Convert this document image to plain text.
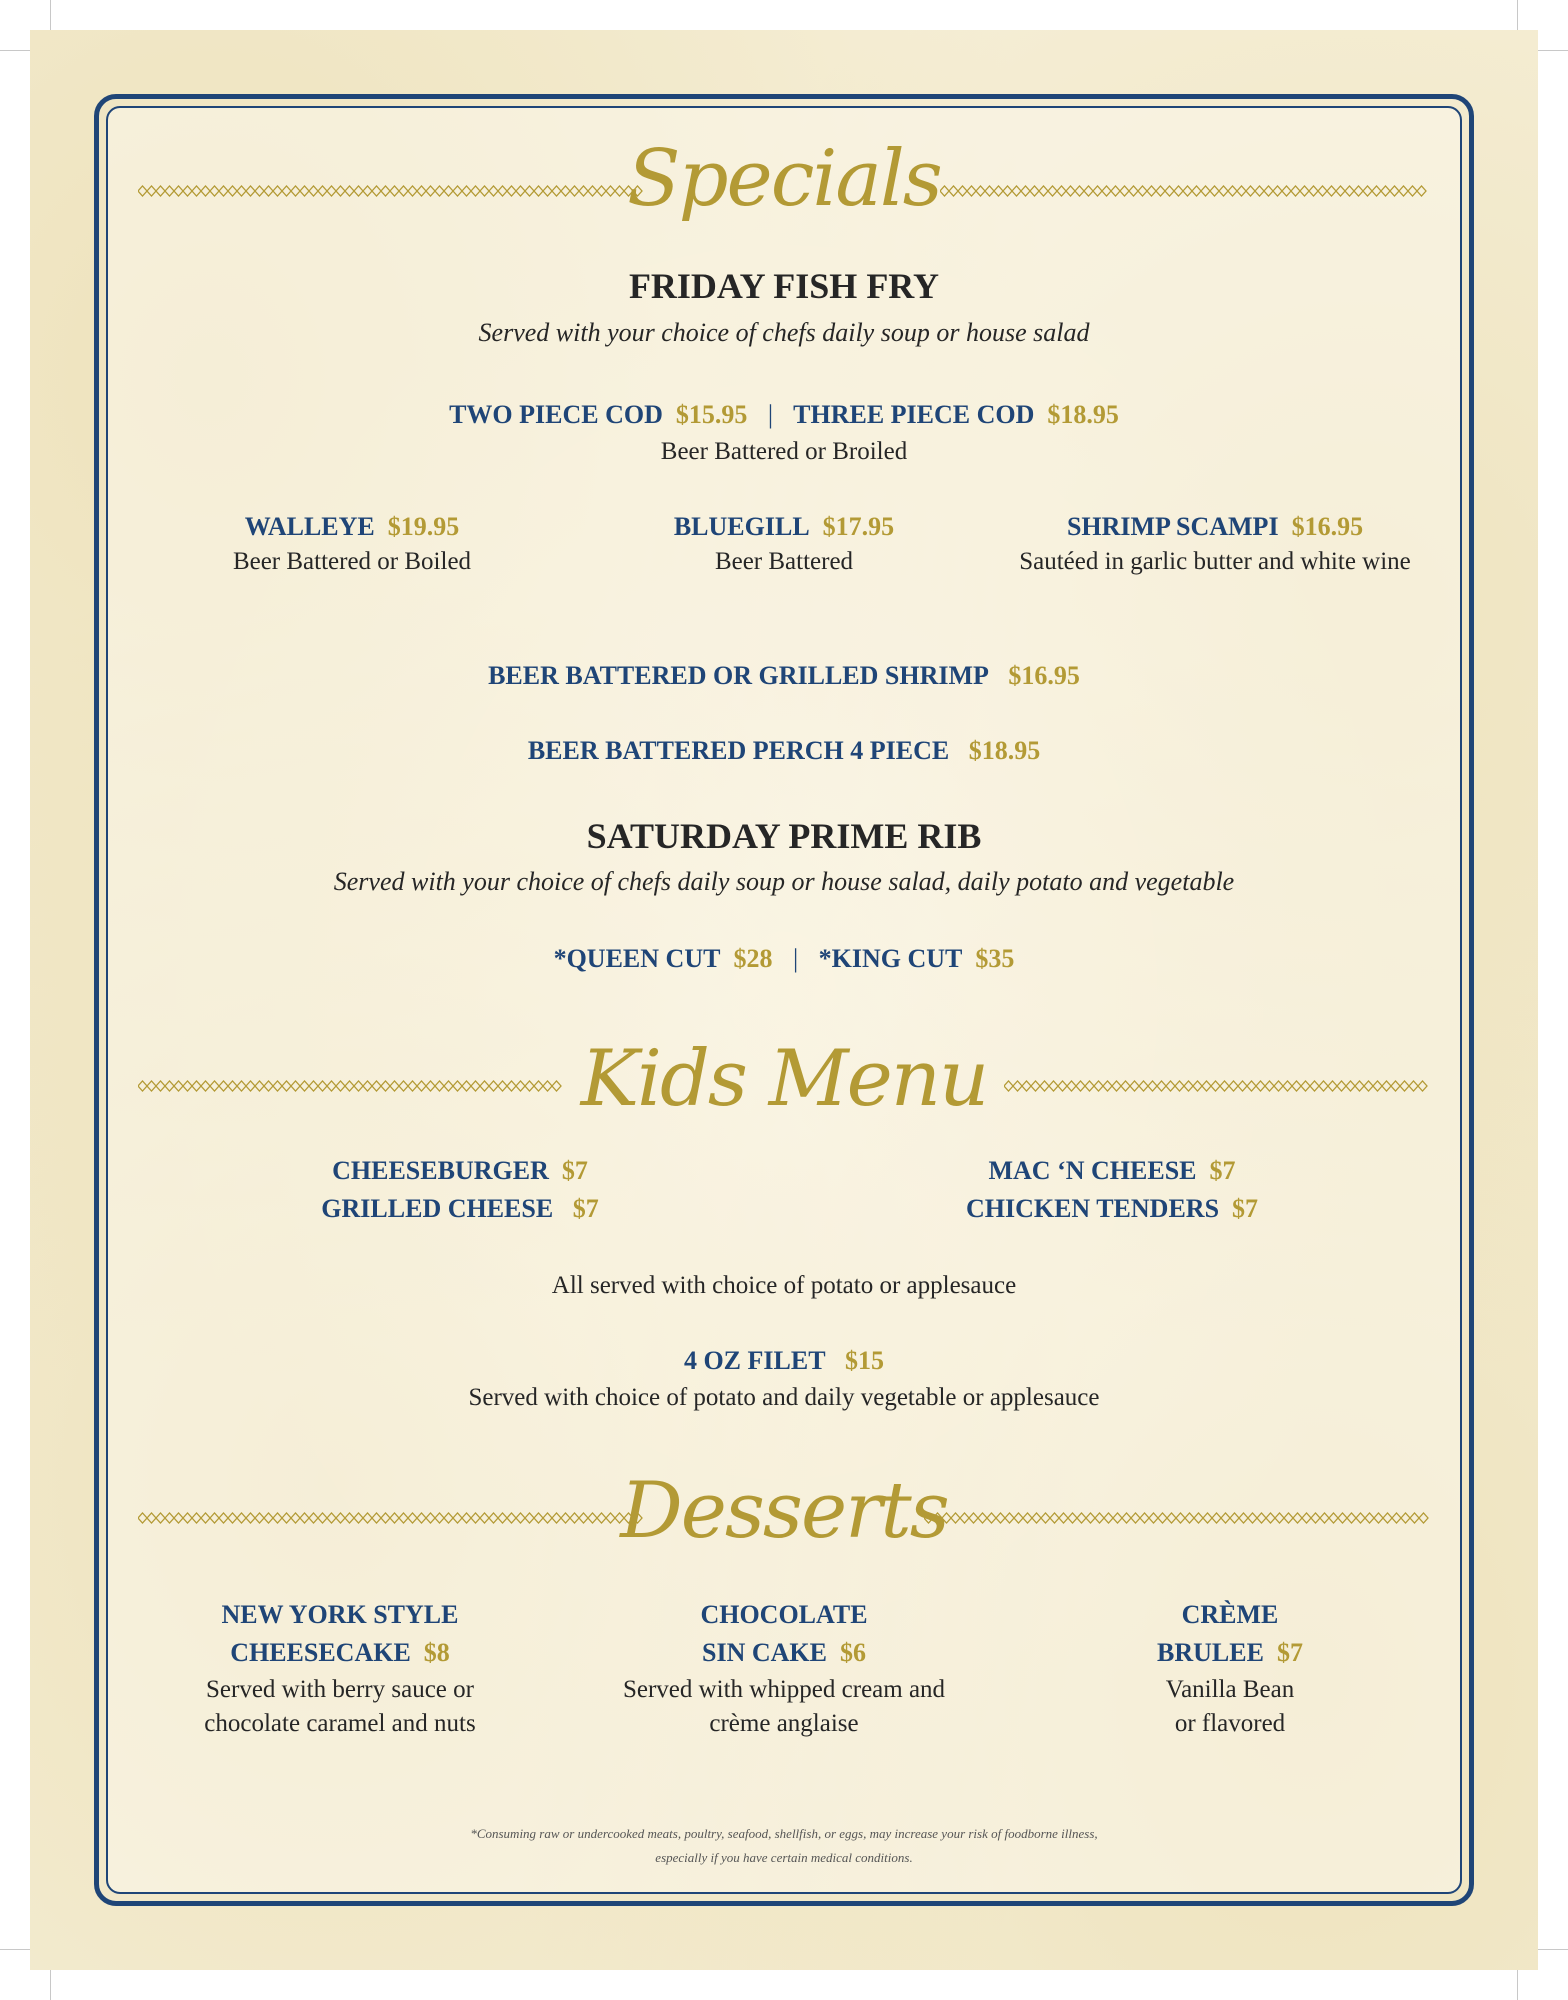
Specials
FRIDAY FISH FRY
Served with your choice of chefs daily soup or house salad
TWO PIECE COD $15.95 | THREE PIECE COD $18.95
Beer Battered or Broiled
WALLEYE $19.95
Beer Battered or Boiled
BLUEGILL $17.95
Beer Battered
SHRIMP SCAMPI $16.95
Sautéed in garlic butter and white wine
BEER BATTERED OR GRILLED SHRIMP $16.95
BEER BATTERED PERCH 4 PIECE $18.95
SATURDAY PRIME RIB
Served with your choice of chefs daily soup or house salad, daily potato and vegetable
*QUEEN CUT $28 | *KING CUT $35
Kids Menu
CHEESEBURGER $7
GRILLED CHEESE $7
MAC ‘N CHEESE $7
CHICKEN TENDERS $7
All served with choice of potato or applesauce
4 OZ FILET $15
Served with choice of potato and daily vegetable or applesauce
Desserts
NEW YORK STYLE
CHEESECAKE $8
Served with berry sauce or
chocolate caramel and nuts
CHOCOLATE
SIN CAKE $6
Served with whipped cream and
crème anglaise
CRÈME
BRULEE $7
Vanilla Bean
or flavored
*Consuming raw or undercooked meats, poultry, seafood, shellfish, or eggs, may increase your risk of foodborne illness,
especially if you have certain medical conditions.
